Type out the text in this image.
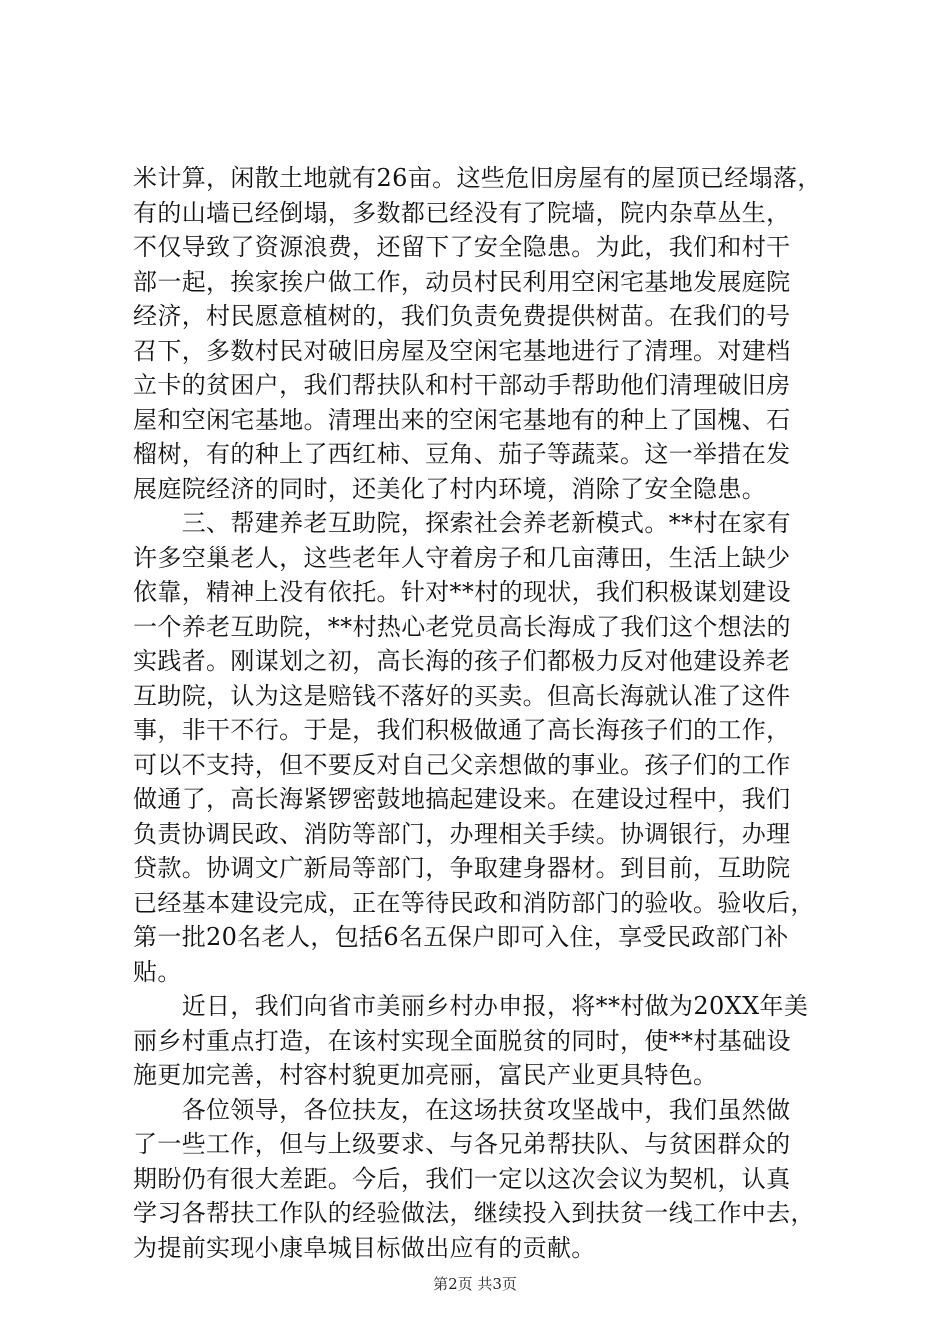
米计算，闲散土地就有26亩。这些危旧房屋有的屋顶已经塌落，
有的山墙已经倒塌，多数都已经没有了院墙，院内杂草丛生，
不仅导致了资源浪费，还留下了安全隐患。为此，我们和村干
部一起，挨家挨户做工作，动员村民利用空闲宅基地发展庭院
经济，村民愿意植树的，我们负责免费提供树苗。在我们的号
召下，多数村民对破旧房屋及空闲宅基地进行了清理。对建档
立卡的贫困户，我们帮扶队和村干部动手帮助他们清理破旧房
屋和空闲宅基地。清理出来的空闲宅基地有的种上了国槐、石
榴树，有的种上了西红柿、豆角、茄子等蔬菜。这一举措在发
展庭院经济的同时，还美化了村内环境，消除了安全隐患。
　　三、帮建养老互助院，探索社会养老新模式。**村在家有
许多空巢老人，这些老年人守着房子和几亩薄田，生活上缺少
依靠，精神上没有依托。针对**村的现状，我们积极谋划建设
一个养老互助院，**村热心老党员高长海成了我们这个想法的
实践者。刚谋划之初，高长海的孩子们都极力反对他建设养老
互助院，认为这是赔钱不落好的买卖。但高长海就认准了这件
事，非干不行。于是，我们积极做通了高长海孩子们的工作，
可以不支持，但不要反对自己父亲想做的事业。孩子们的工作
做通了，高长海紧锣密鼓地搞起建设来。在建设过程中，我们
负责协调民政、消防等部门，办理相关手续。协调银行，办理
贷款。协调文广新局等部门，争取建身器材。到目前，互助院
已经基本建设完成，正在等待民政和消防部门的验收。验收后，
第一批20名老人，包括6名五保户即可入住，享受民政部门补
贴。
　　近日，我们向省市美丽乡村办申报，将**村做为20XX年美
丽乡村重点打造，在该村实现全面脱贫的同时，使**村基础设
施更加完善，村容村貌更加亮丽，富民产业更具特色。
　　各位领导，各位扶友，在这场扶贫攻坚战中，我们虽然做
了一些工作，但与上级要求、与各兄弟帮扶队、与贫困群众的
期盼仍有很大差距。今后，我们一定以这次会议为契机，认真
学习各帮扶工作队的经验做法，继续投入到扶贫一线工作中去，
为提前实现小康阜城目标做出应有的贡献。
第2页 共3页
